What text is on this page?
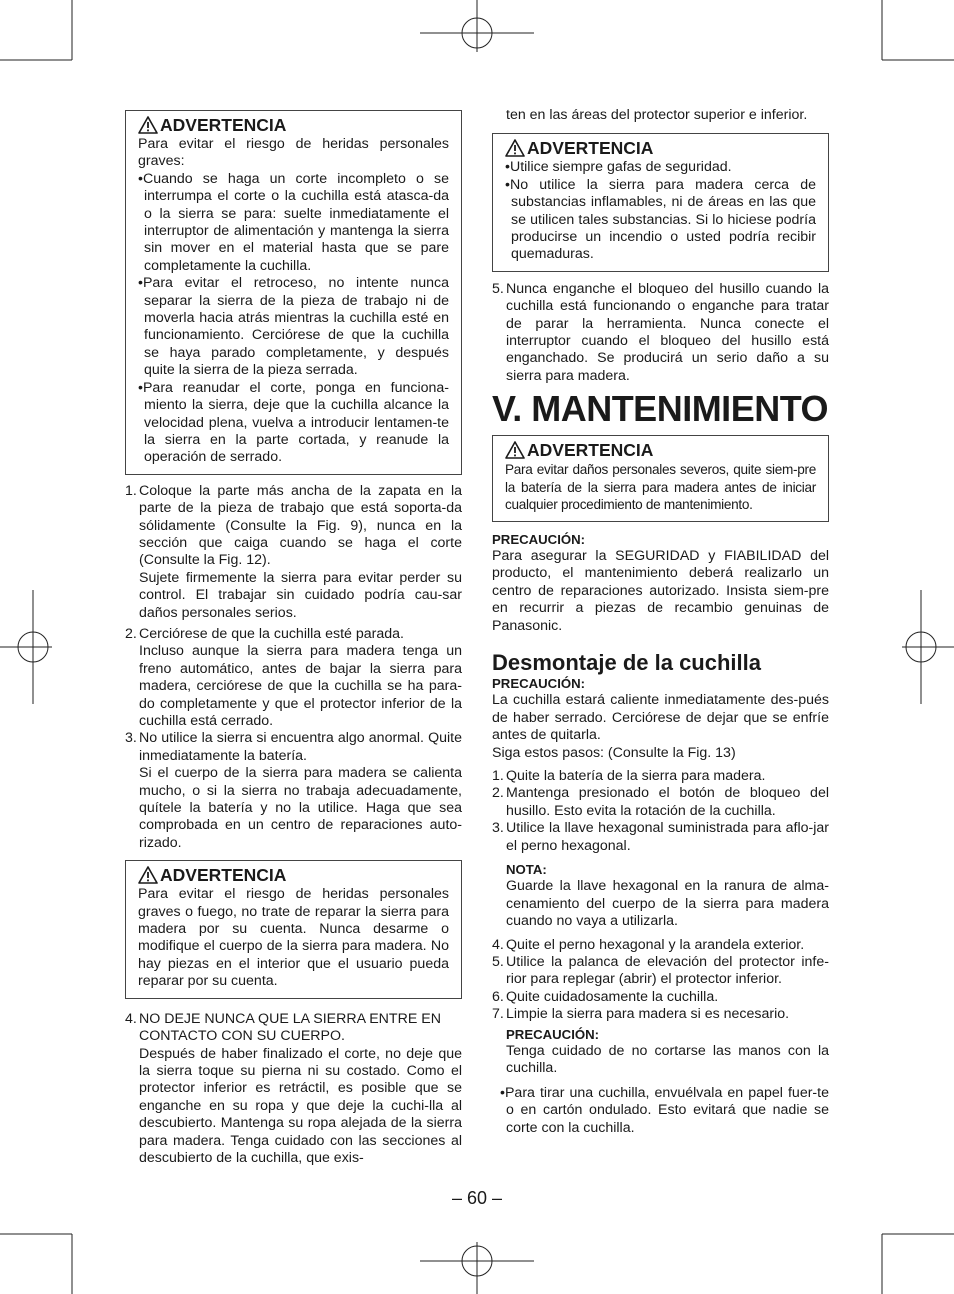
ADVERTENCIA
Para evitar el riesgo de heridas personales graves:
•Cuando se haga un corte incompleto o se interrumpa el corte o la cuchilla está atasca-da o la sierra se para: suelte inmediatamente el interruptor de alimentación y mantenga la sierra sin mover en el material hasta que se pare completamente la cuchilla.
•Para evitar el retroceso, no intente nunca separar la sierra de la pieza de trabajo ni de moverla hacia atrás mientras la cuchilla esté en funcionamiento. Cerciórese de que la cuchilla se haya parado completamente, y después quite la sierra de la pieza serrada.
•Para reanudar el corte, ponga en funciona-miento la sierra, deje que la cuchilla alcance la velocidad plena, vuelva a introducir lentamen-te la sierra en la parte cortada, y reanude la operación de serrado.
1. Coloque la parte más ancha de la zapata en la parte de la pieza de trabajo que está soporta-da sólidamente (Consulte la Fig. 9), nunca en la sección que caiga cuando se haga el corte (Consulte la Fig. 12).

Sujete firmemente la sierra para evitar perder su control. El trabajar sin cuidado podría cau-sar daños personales serios.

2. Cerciórese de que la cuchilla esté parada.

Incluso aunque la sierra para madera tenga un freno automático, antes de bajar la sierra para madera, cerciórese de que la cuchilla se ha para-do completamente y que el protector inferior de la cuchilla está cerrado.

3. No utilice la sierra si encuentra algo anormal. Quite inmediatamente la batería.

Si el cuerpo de la sierra para madera se calienta mucho, o si la sierra no trabaja adecuadamente, quítele la batería y no la utilice. Haga que sea comprobada en un centro de reparaciones auto-rizado.

ADVERTENCIA
Para evitar el riesgo de heridas personales graves o fuego, no trate de reparar la sierra para madera por su cuenta. Nunca desarme o modifique el cuerpo de la sierra para madera. No hay piezas en el interior que el usuario pueda reparar por su cuenta.
4. NO DEJE NUNCA QUE LA SIERRA ENTRE EN CONTACTO CON SU CUERPO.

Después de haber finalizado el corte, no deje que la sierra toque su pierna ni su costado. Como el protector inferior es retráctil, es posible que se enganche en su ropa y que deje la cuchi-lla al descubierto. Mantenga su ropa alejada de la sierra para madera. Tenga cuidado con las secciones al descubierto de la cuchilla, que exis-

ten en las áreas del protector superior e inferior.
ADVERTENCIA
•Utilice siempre gafas de seguridad.
•No utilice la sierra para madera cerca de substancias inflamables, ni de áreas en las que se utilicen tales substancias. Si lo hiciese podría producirse un incendio o usted podría recibir quemaduras.
5. Nunca enganche el bloqueo del husillo cuando la cuchilla está funcionando o enganche para tratar de parar la herramienta. Nunca conecte el interruptor cuando el bloqueo del husillo está enganchado. Se producirá un serio daño a su sierra para madera.

V. MANTENIMIENTO
ADVERTENCIA
Para evitar daños personales severos, quite siem-pre la batería de la sierra para madera antes de iniciar cualquier procedimiento de mantenimiento.

PRECAUCIÓN:

Para asegurar la SEGURIDAD y FIABILIDAD del producto, el mantenimiento deberá realizarlo un centro de reparaciones autorizado. Insista siem-pre en recurrir a piezas de recambio genuinas de Panasonic.
Desmontaje de la cuchilla

PRECAUCIÓN:

La cuchilla estará caliente inmediatamente des-pués de haber serrado. Cerciórese de dejar que se enfríe antes de quitarla.
Siga estos pasos: (Consulte la Fig. 13)
1. Quite la batería de la sierra para madera.

2. Mantenga presionado el botón de bloqueo del husillo. Esto evita la rotación de la cuchilla.

3. Utilice la llave hexagonal suministrada para aflo-jar el perno hexagonal.

NOTA:

Guarde la llave hexagonal en la ranura de alma-cenamiento del cuerpo de la sierra para madera cuando no vaya a utilizarla.
4. Quite el perno hexagonal y la arandela exterior.

5. Utilice la palanca de elevación del protector infe-rior para replegar (abrir) el protector inferior.

6. Quite cuidadosamente la cuchilla.

7. Limpie la sierra para madera si es necesario.

PRECAUCIÓN:

Tenga cuidado de no cortarse las manos con la cuchilla.
•Para tirar una cuchilla, envuélvala en papel fuer-te o en cartón ondulado. Esto evitará que nadie se corte con la cuchilla.
– 60 –
